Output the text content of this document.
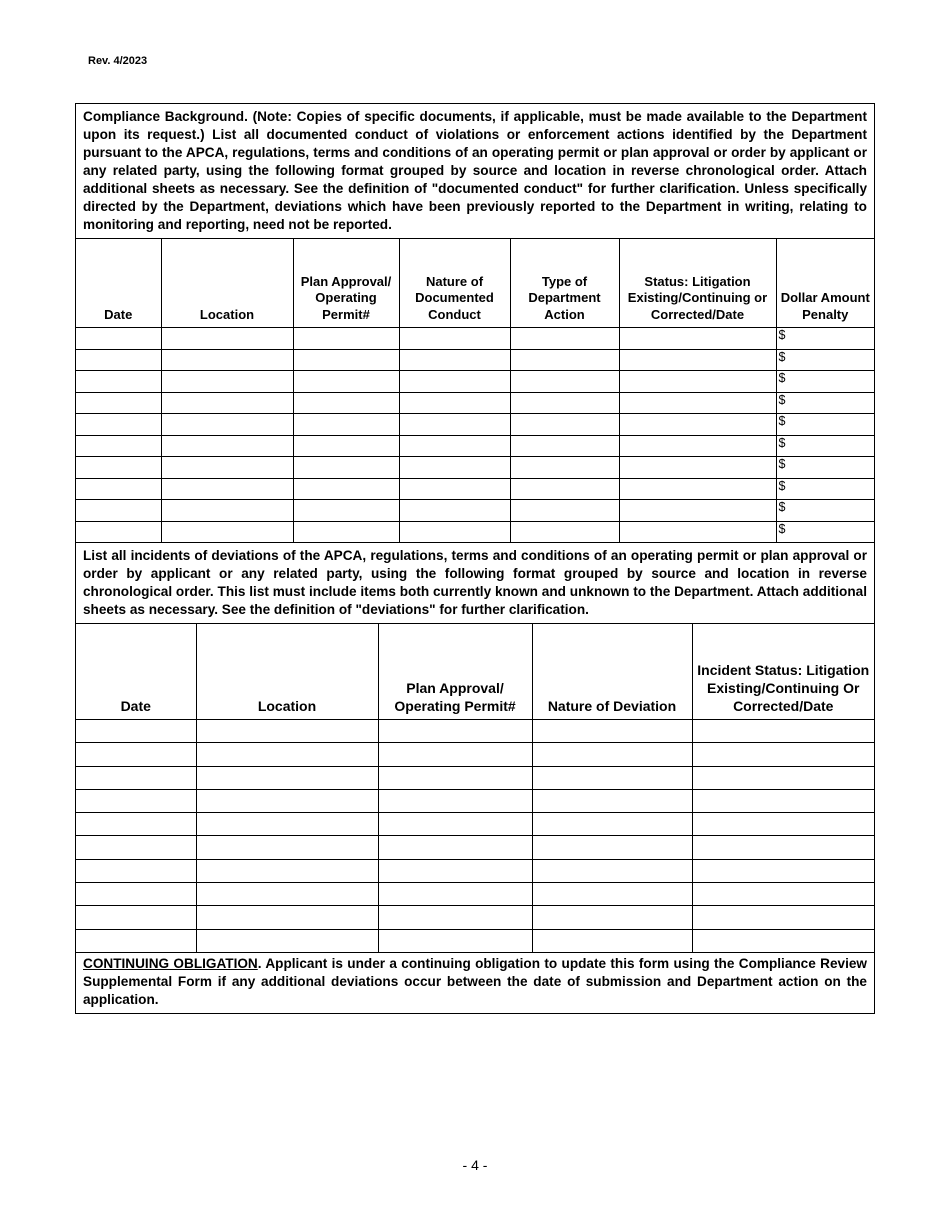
Rev. 4/2023
Compliance Background. (Note: Copies of specific documents, if applicable, must be made available to the Department upon its request.) List all documented conduct of violations or enforcement actions identified by the Department pursuant to the APCA, regulations, terms and conditions of an operating permit or plan approval or order by applicant or any related party, using the following format grouped by source and location in reverse chronological order. Attach additional sheets as necessary. See the definition of "documented conduct" for further clarification. Unless specifically directed by the Department, deviations which have been previously reported to the Department in writing, relating to monitoring and reporting, need not be reported.
Date	Location	Plan Approval/ Operating Permit#	Nature of Documented Conduct	Type of Department Action	Status: Litigation Existing/Continuing or Corrected/Date	Dollar Amount Penalty
						$
						$
						$
						$
						$
						$
						$
						$
						$
						$
List all incidents of deviations of the APCA, regulations, terms and conditions of an operating permit or plan approval or order by applicant or any related party, using the following format grouped by source and location in reverse chronological order. This list must include items both currently known and unknown to the Department. Attach additional sheets as necessary. See the definition of "deviations" for further clarification.
Date	Location	Plan Approval/ Operating Permit#	Nature of Deviation	Incident Status: Litigation Existing/Continuing Or Corrected/Date

CONTINUING OBLIGATION. Applicant is under a continuing obligation to update this form using the Compliance Review Supplemental Form if any additional deviations occur between the date of submission and Department action on the application.
- 4 -
